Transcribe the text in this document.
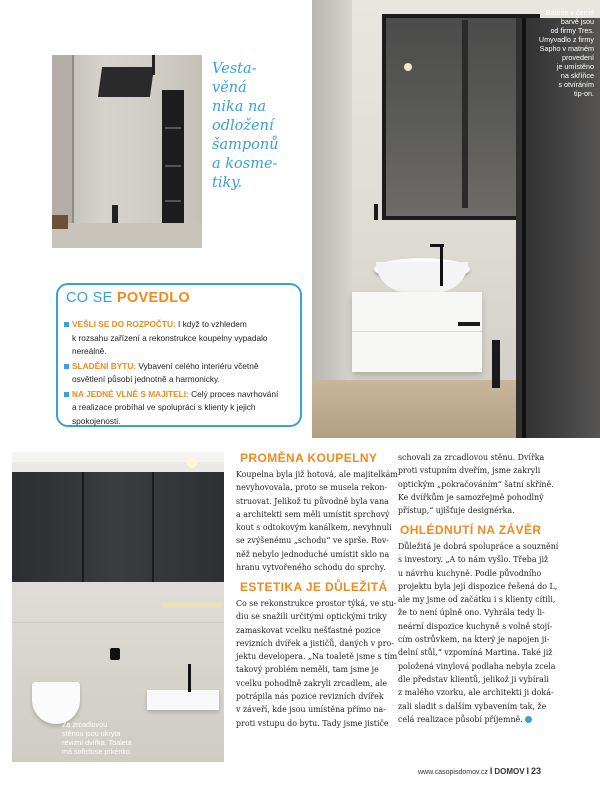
Vesta-
věná
nika na
odložení
šamponů
a kosme-
tiky.
Baterie v černé
barvě jsou
od firmy Tres.
Umyvadlo z firmy
Sapho v matném
provedení
je umístěno
na skříňce
s otvíráním
tip-on.
CO SE POVEDLO
VEŠLI SE DO ROZPOČTU: I když to vzhledem
k rozsahu zařízení a rekonstrukce koupelny vypadalo
nereálně.
SLADĚNÍ BYTU: Vybavení celého interiéru včetně
osvětlení působí jednotně a harmonicky.
NA JEDNÉ VLNĚ S MAJITELI: Celý proces navrhování
a realizace probíhal ve spolupráci s klienty k jejich
spokojenosti.
Za zrcadlovou
stěnou jsou ukryta
revizní dvířka. Toaleta
má softclose prkénko.
PROMĚNA KOUPELNY
Koupelna byla již hotová, ale majitelkám
nevyhovovala, proto se musela rekon-
struovat. Jelikož tu původně byla vana
a architekti sem měli umístit sprchový
kout s odtokovým kanálkem, nevyhnuli
se zvýšenému „schodu“ ve sprše. Rov-
něž nebylo jednoduché umístit sklo na
hranu vytvořeného schodu do sprchy.
ESTETIKA JE DŮLEŽITÁ
Co se rekonstrukce prostor týká, ve stu-
diu se snažili určitými optickými triky
zamaskovat vcelku nešťastné pozice
revizních dvířek a jističů, daných v pro-
jektu developera. „Na toaletě jsme s tím
takový problém neměli, tam jsme je
vcelku pohodlně zakryli zrcadlem, ale
potrápila nás pozice revizních dvířek
v záveří, kde jsou umístěna přímo na-
proti vstupu do bytu. Tady jsme jističe
schovali za zrcadlovou stěnu. Dvířka
proti vstupním dveřím, jsme zakryli
optickým „pokračováním“ šatní skříně.
Ke dvířkům je samozřejmě pohodlný
přístup,“ ujišťuje designérka.
OHLÉDNUTÍ NA ZÁVĚR
Důležitá je dobrá spolupráce a souznění
s investory. „A to nám vyšlo. Třeba již
u návrhu kuchyně. Podle původního
projektu byla její dispozice řešená do L,
ale my jsme od začátku i s klienty cítili,
že to není úplně ono. Vyhrála tedy li-
neární dispozice kuchyně s volně stojí-
cím ostrůvkem, na který je napojen ji-
delní stůl,“ vzpomíná Martina. Také již
položená vinylová podlaha nebyla zcela
dle představ klientů, jelikož ji vybírali
z malého vzorku, ale architekti ji doká-
zali sladit s dalším vybavením tak, že
celá realizace působí příjemně.
www.casopisdomov.cz I DOMOV I 23
